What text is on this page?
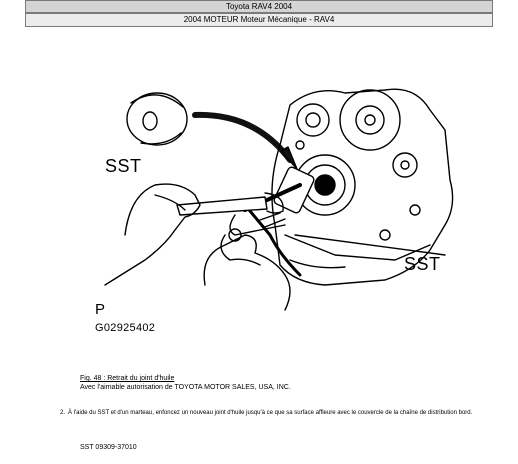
Toyota RAV4 2004
2004 MOTEUR Moteur Mécanique - RAV4
SST
SST
P
G02925402
Fig. 48 : Retrait du joint d'huile
Avec l'aimable autorisation de TOYOTA MOTOR SALES, USA, INC.
2. À l'aide du SST et d'un marteau, enfoncez un nouveau joint d'huile jusqu'à ce que sa surface affleure avec le couvercle de la chaîne de distribution bord.
SST 09309-37010
